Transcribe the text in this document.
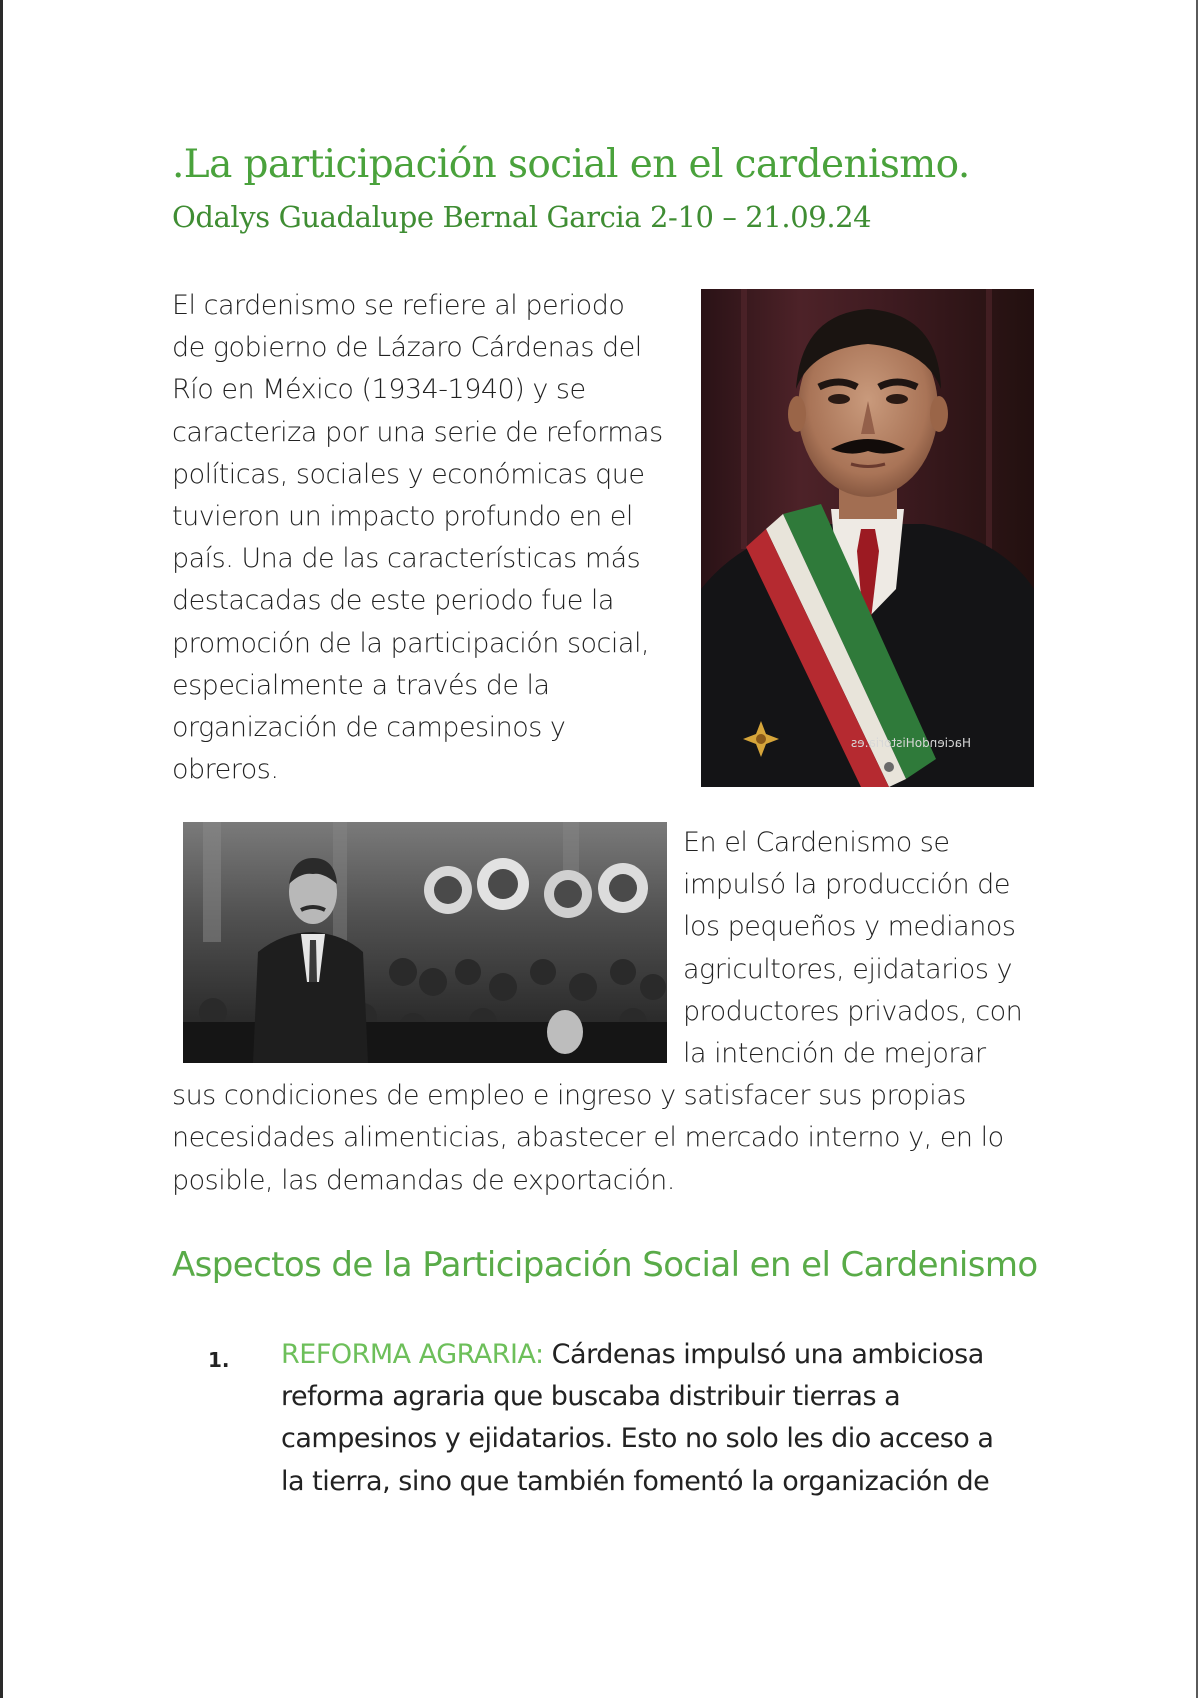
.La participación social en el cardenismo.
Odalys Guadalupe Bernal Garcia 2-10 – 21.09.24
El cardenismo se refiere al periodo
de gobierno de Lázaro Cárdenas del
Río en México (1934-1940) y se
caracteriza por una serie de reformas
políticas, sociales y económicas que
tuvieron un impacto profundo en el
país. Una de las características más
destacadas de este periodo fue la
promoción de la participación social,
especialmente a través de la
organización de campesinos y
obreros.
HaciendoHistoria.es
En el Cardenismo se
impulsó la producción de
los pequeños y medianos
agricultores, ejidatarios y
productores privados, con
la intención de mejorar
sus condiciones de empleo e ingreso y satisfacer sus propias
necesidades alimenticias, abastecer el mercado interno y, en lo
posible, las demandas de exportación.
Aspectos de la Participación Social en el Cardenismo
1. REFORMA AGRARIA: Cárdenas impulsó una ambiciosa
reforma agraria que buscaba distribuir tierras a
campesinos y ejidatarios. Esto no solo les dio acceso a
la tierra, sino que también fomentó la organización de
